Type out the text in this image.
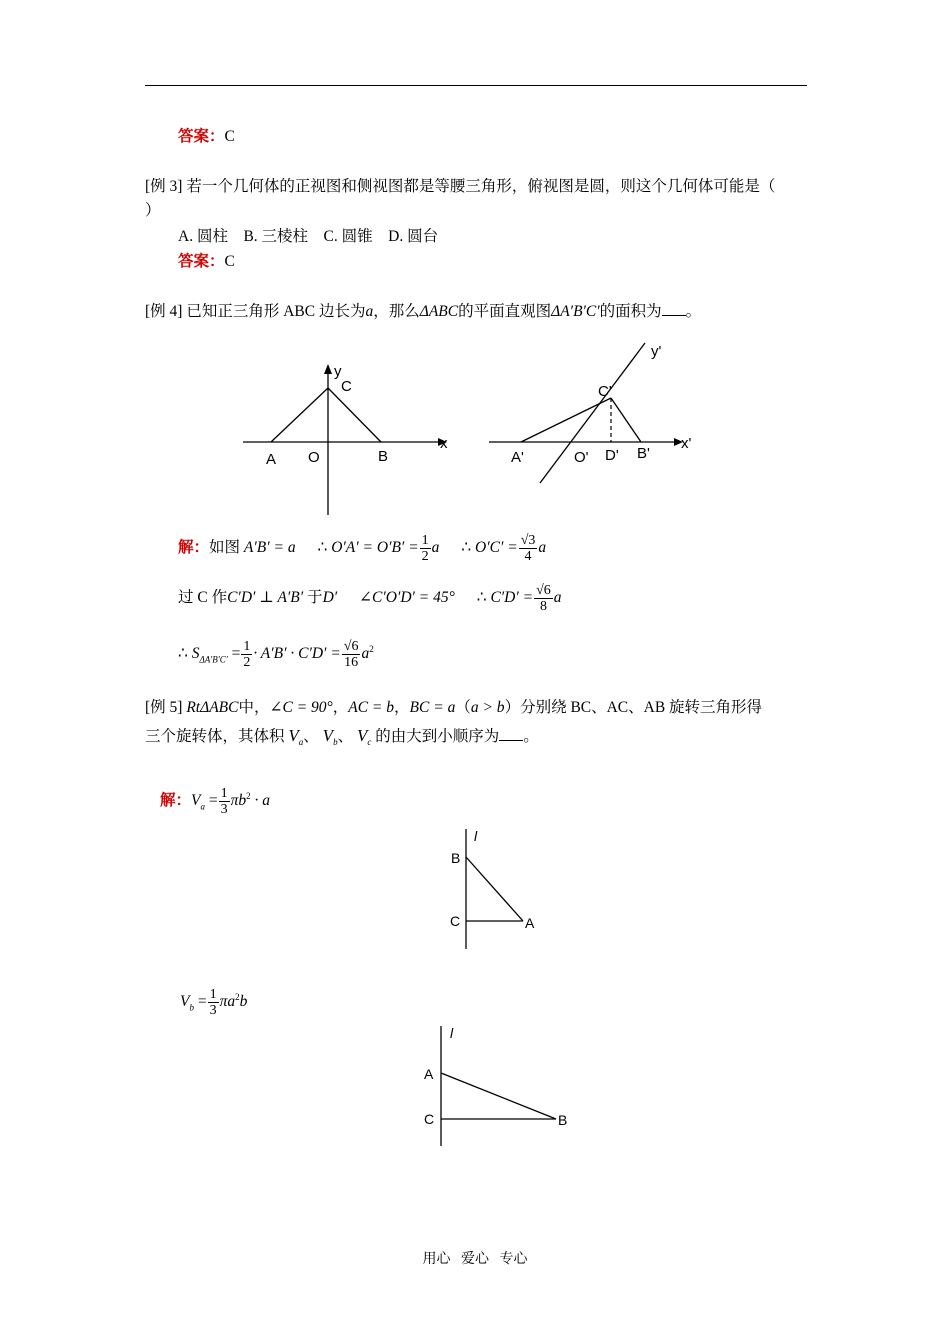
答案：C
[例 3] 若一个几何体的正视图和侧视图都是等腰三角形，俯视图是圆，则这个几何体可能是（
）
A. 圆柱    B. 三棱柱    C. 圆锥    D. 圆台
答案：C
[例 4] 已知正三角形 ABC 边长为a，那么ΔABC的平面直观图ΔA′B′C′的面积为 。
A O	B
C
x
y
A'	O' D' B'
C'
x'
y'
解：如图 A′B′ = a ∴ $O'A' = O'B' = \frac{1}{2}$ a ∴ $O'C' = \frac{√3}{4}$ a
过 C 作C′D′ ⊥ A′B′ 于D′ ∠C′O′D′ = 45° ∴ $C'D' = \frac{√6}{8}$ a
∴ $S_{\Delta A'B'C'} = \frac{1}{2} \cdot A'B' \cdot C'D' = \frac{√6}{16} a^2$
[例 5] RtΔABC中，∠C = 90°，AC = b，BC = a（a > b）分别绕 BC、AC、AB 旋转三角形得
三个旋转体，其体积 $V_a$、 $V_b$、 $V_c$ 的由大到小顺序为 。
解：$V_a = \frac{1}{3} \pi b^2 \cdot a$
l
B
C	A
$V_b = \frac{1}{3} \pi a^2b$
l
A
C	B
用心   爱心   专心
